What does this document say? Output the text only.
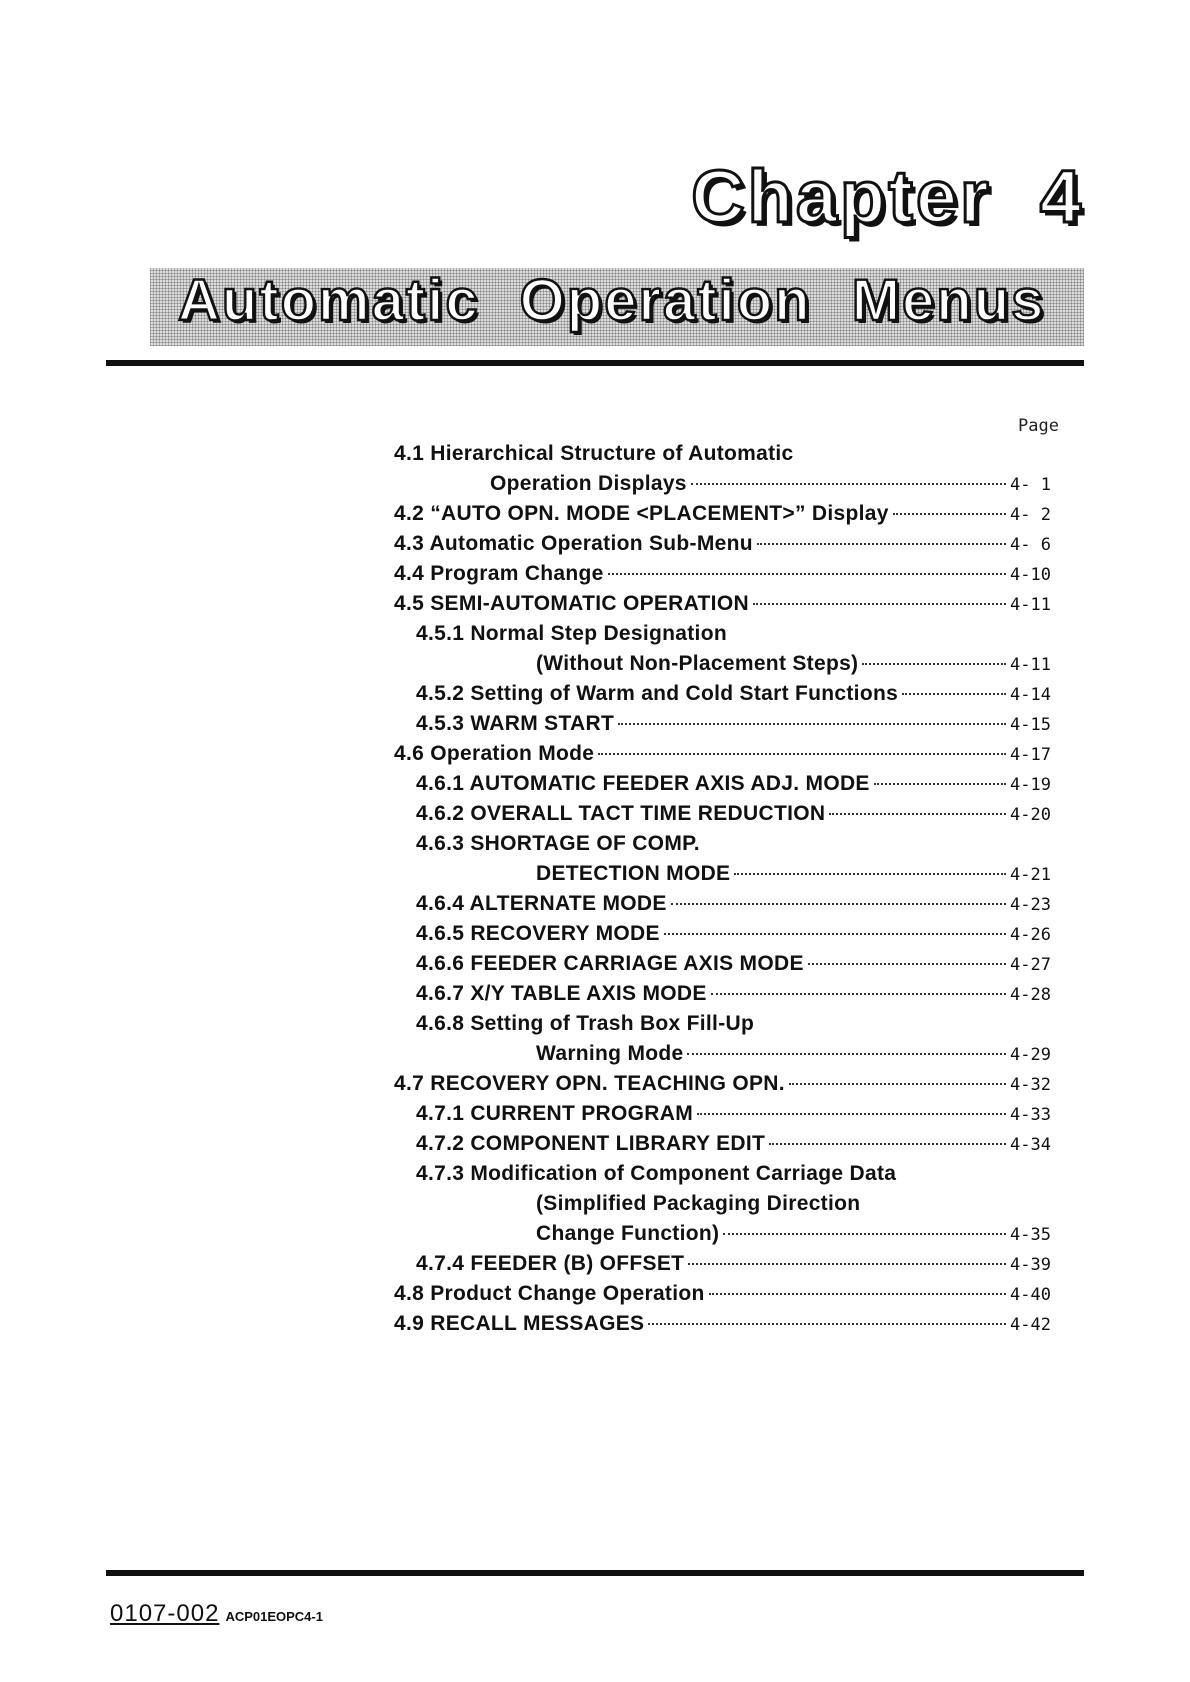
Chapter 4
Automatic Operation Menus
Page
4.1 Hierarchical Structure of Automatic
Operation Displays	4- 1
4.2 “AUTO OPN. MODE <PLACEMENT>” Display	4- 2
4.3 Automatic Operation Sub-Menu	4- 6
4.4 Program Change	4-10
4.5 SEMI-AUTOMATIC OPERATION	4-11
4.5.1 Normal Step Designation
(Without Non-Placement Steps)	4-11
4.5.2 Setting of Warm and Cold Start Functions	4-14
4.5.3 WARM START	4-15
4.6 Operation Mode	4-17
4.6.1 AUTOMATIC FEEDER AXIS ADJ. MODE	4-19
4.6.2 OVERALL TACT TIME REDUCTION	4-20
4.6.3 SHORTAGE OF COMP.
DETECTION MODE	4-21
4.6.4 ALTERNATE MODE	4-23
4.6.5 RECOVERY MODE	4-26
4.6.6 FEEDER CARRIAGE AXIS MODE	4-27
4.6.7 X/Y TABLE AXIS MODE	4-28
4.6.8 Setting of Trash Box Fill-Up
Warning Mode	4-29
4.7 RECOVERY OPN. TEACHING OPN.	4-32
4.7.1 CURRENT PROGRAM	4-33
4.7.2 COMPONENT LIBRARY EDIT	4-34
4.7.3 Modification of Component Carriage Data
(Simplified Packaging Direction
Change Function)	4-35
4.7.4 FEEDER (B) OFFSET	4-39
4.8 Product Change Operation	4-40
4.9 RECALL MESSAGES	4-42
0107-002 ACP01EOPC4-1
